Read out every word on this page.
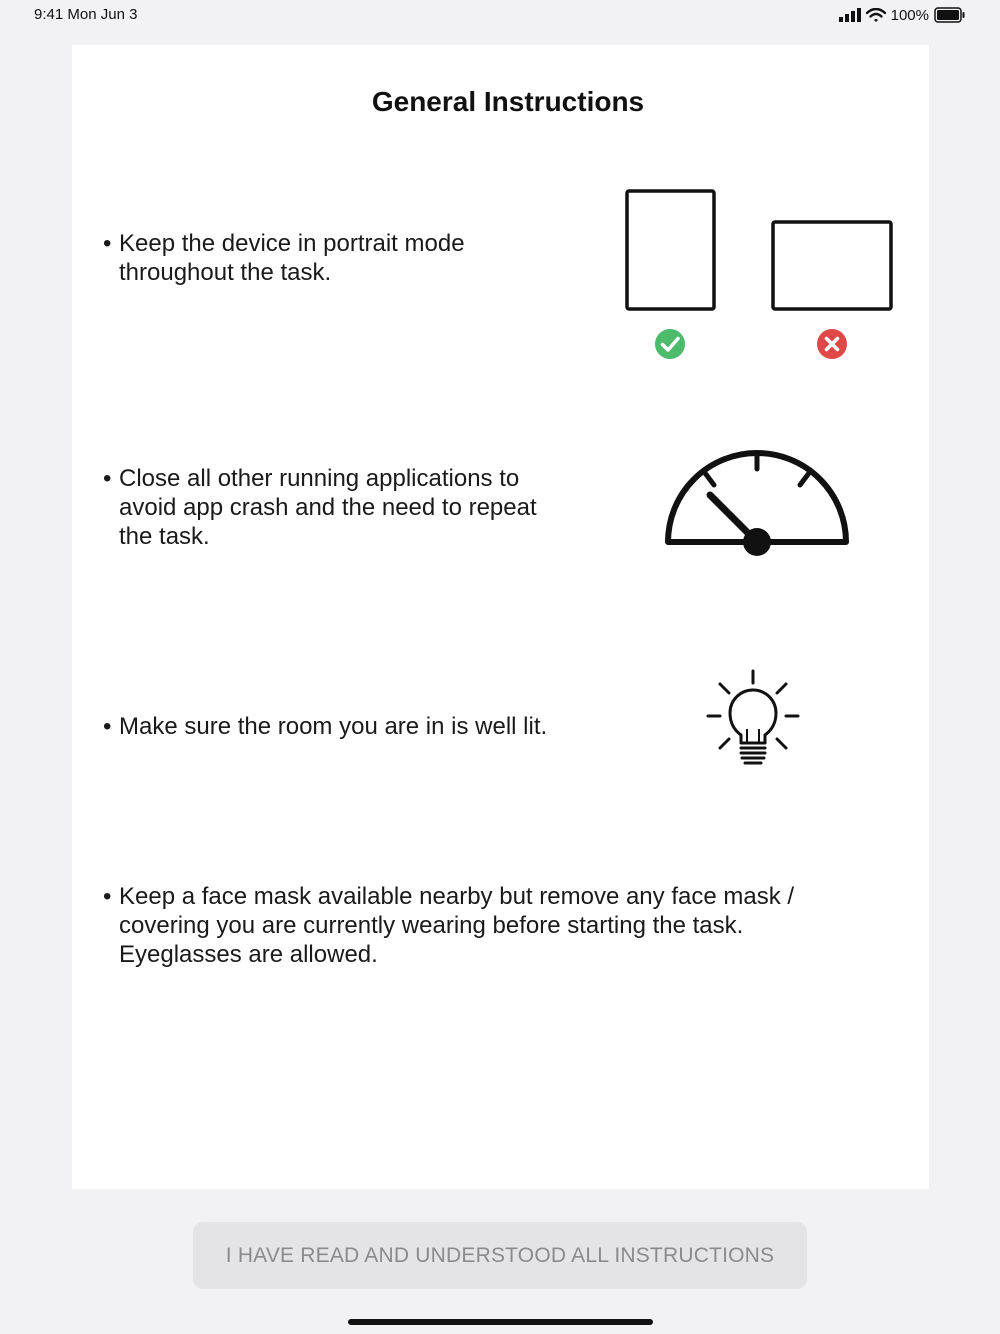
9:41 Mon Jun 3	100%
General Instructions
• Keep the device in portrait mode
throughout the task.
• Close all other running applications to
avoid app crash and the need to repeat
the task.
• Make sure the room you are in is well lit.
• Keep a face mask available nearby but remove any face mask /
covering you are currently wearing before starting the task.
Eyeglasses are allowed.
I HAVE READ AND UNDERSTOOD ALL INSTRUCTIONS
